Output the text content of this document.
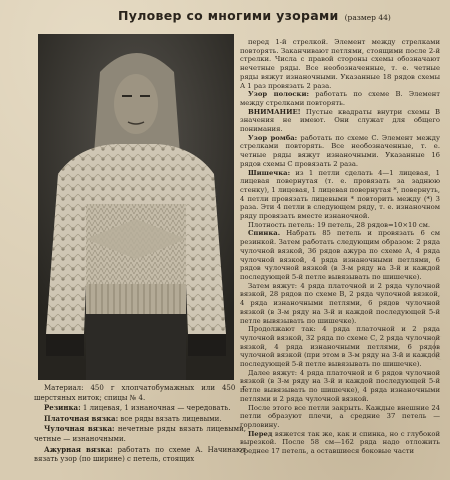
Пуловер со многими узорами (размер 44)

Материал: 450 г хлопчатобумажных или 450 г шерстяных ниток; спицы № 4.

Резинка: 1 лицевая, 1 изнаночная — чередовать.

Платочная вязка: все ряды вязать лицевыми.

Чулочная вязка: нечетные ряды вязать лицевыми, четные — изнаночными.

Ажурная вязка: работать по схеме А. Начинают вязать узор (по ширине) с петель, стоящих

перед 1-й стрелкой. Элемент между стрелками повторять. Заканчивают петлями, стоящими после 2-й стрелки. Числа с правой стороны схемы обозначают нечетные ряды. Все необозначенные, т. е. четные ряды вяжут изнаночными. Указанные 18 рядов схемы А 1 раз провязать 2 раза.

Узор полоски: работать по схеме В. Элемент между стрелками повторять.

ВНИМАНИЕ! Пустые квадраты внутри схемы В значения не имеют. Они служат для общего понимания.

Узор ромба: работать по схеме С. Элемент между стрелками повторять. Все необозначенные, т. е. четные ряды вяжут изнаночными. Указанные 16 рядов схемы С провязать 2 раза.

Шишечка: из 1 петли сделать 4—1 лицевая, 1 лицевая повернутая (т. е. провязать за заднюю стенку), 1 лицевая, 1 лицевая повернутая *, повернуть, 4 петли провязать лицевыми * повторить между (*) 3 раза. Эти 4 петли в следующем ряду, т. е. изнаночном ряду провязать вместе изнаночной.

Плотность петель: 19 петель, 28 рядов=10×10 см.

Спинка. Набрать 85 петель и провязать 6 см резинкой. Затем работать следующим образом: 2 ряда чулочной вязкой, 36 рядов ажура по схеме А, 4 ряда чулочной вязкой, 4 ряда изнаночными петлями, 6 рядов чулочной вязкой (в 3-м ряду на 3-й и каждой последующей 5-й петле вывязывать по шишечке).

Затем вяжут: 4 ряда платочной и 2 ряда чулочной вязкой, 28 рядов по схеме В, 2 ряда чулочной вязкой, 4 ряда изнаночными петлями, 6 рядов чулочной вязкой (в 3-м ряду на 3-й и каждой последующей 5-й петле вывязывать по шишечке).

Продолжают так: 4 ряда платочной и 2 ряда чулочной вязкой, 32 ряда по схеме С, 2 ряда чулочной вязкой, 4 ряда изнаночными петлями, 6 рядов чулочной вязкой (при этом в 3-м ряду на 3-й и каждой последующей 5-й петле вывязывать по шишечке).

Далее вяжут: 4 ряда платочной и 6 рядов чулочной вязкой (в 3-м ряду на 3-й и каждой последующей 5-й петле вывязывать по шишечке), 4 ряда изнаночными петлями и 2 ряда чулочной вязкой.

После этого все петли закрыть. Каждые внешние 24 петли образуют плечи, а средние 37 петель — горловину.

Перед вяжется так же, как и спинка, но с глубокой вырезкой. После 58 см—162 ряда надо отложить среднее 17 петель, а оставшиеся боковые части
